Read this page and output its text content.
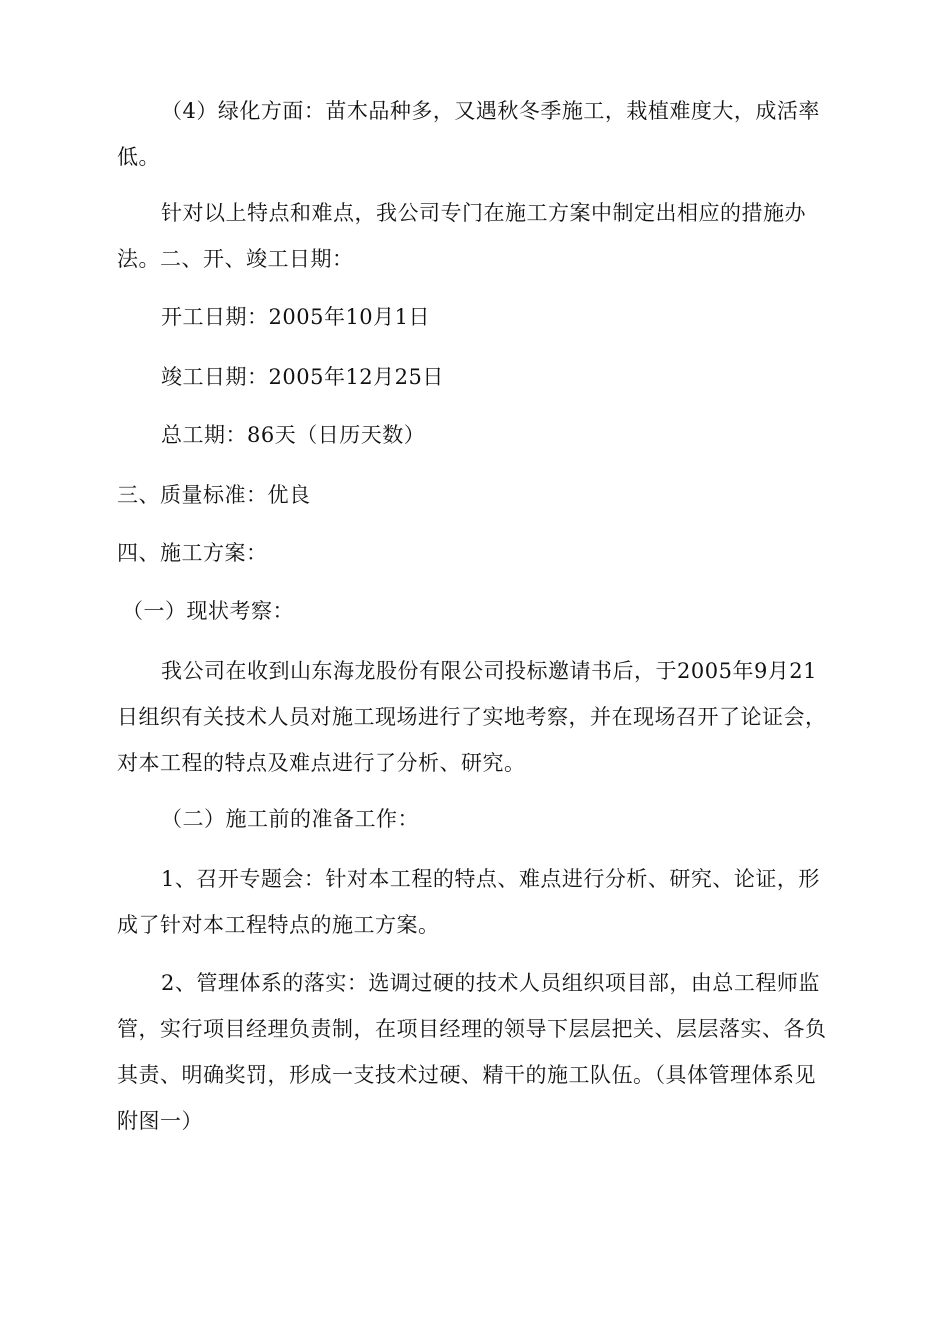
（4）绿化方面：苗木品种多，又遇秋冬季施工，栽植难度大，成活率低。

针对以上特点和难点，我公司专门在施工方案中制定出相应的措施办法。二、开、竣工日期：

开工日期：2005年10月1日

竣工日期：2005年12月25日

总工期：86天（日历天数）

三、质量标准：优良

四、施工方案：

（一）现状考察：

我公司在收到山东海龙股份有限公司投标邀请书后，于2005年9月21日组织有关技术人员对施工现场进行了实地考察，并在现场召开了论证会，对本工程的特点及难点进行了分析、研究。

（二）施工前的准备工作：

1、召开专题会：针对本工程的特点、难点进行分析、研究、论证，形成了针对本工程特点的施工方案。

2、管理体系的落实：选调过硬的技术人员组织项目部，由总工程师监管，实行项目经理负责制，在项目经理的领导下层层把关、层层落实、各负其责、明确奖罚，形成一支技术过硬、精干的施工队伍。（具体管理体系见附图一）
